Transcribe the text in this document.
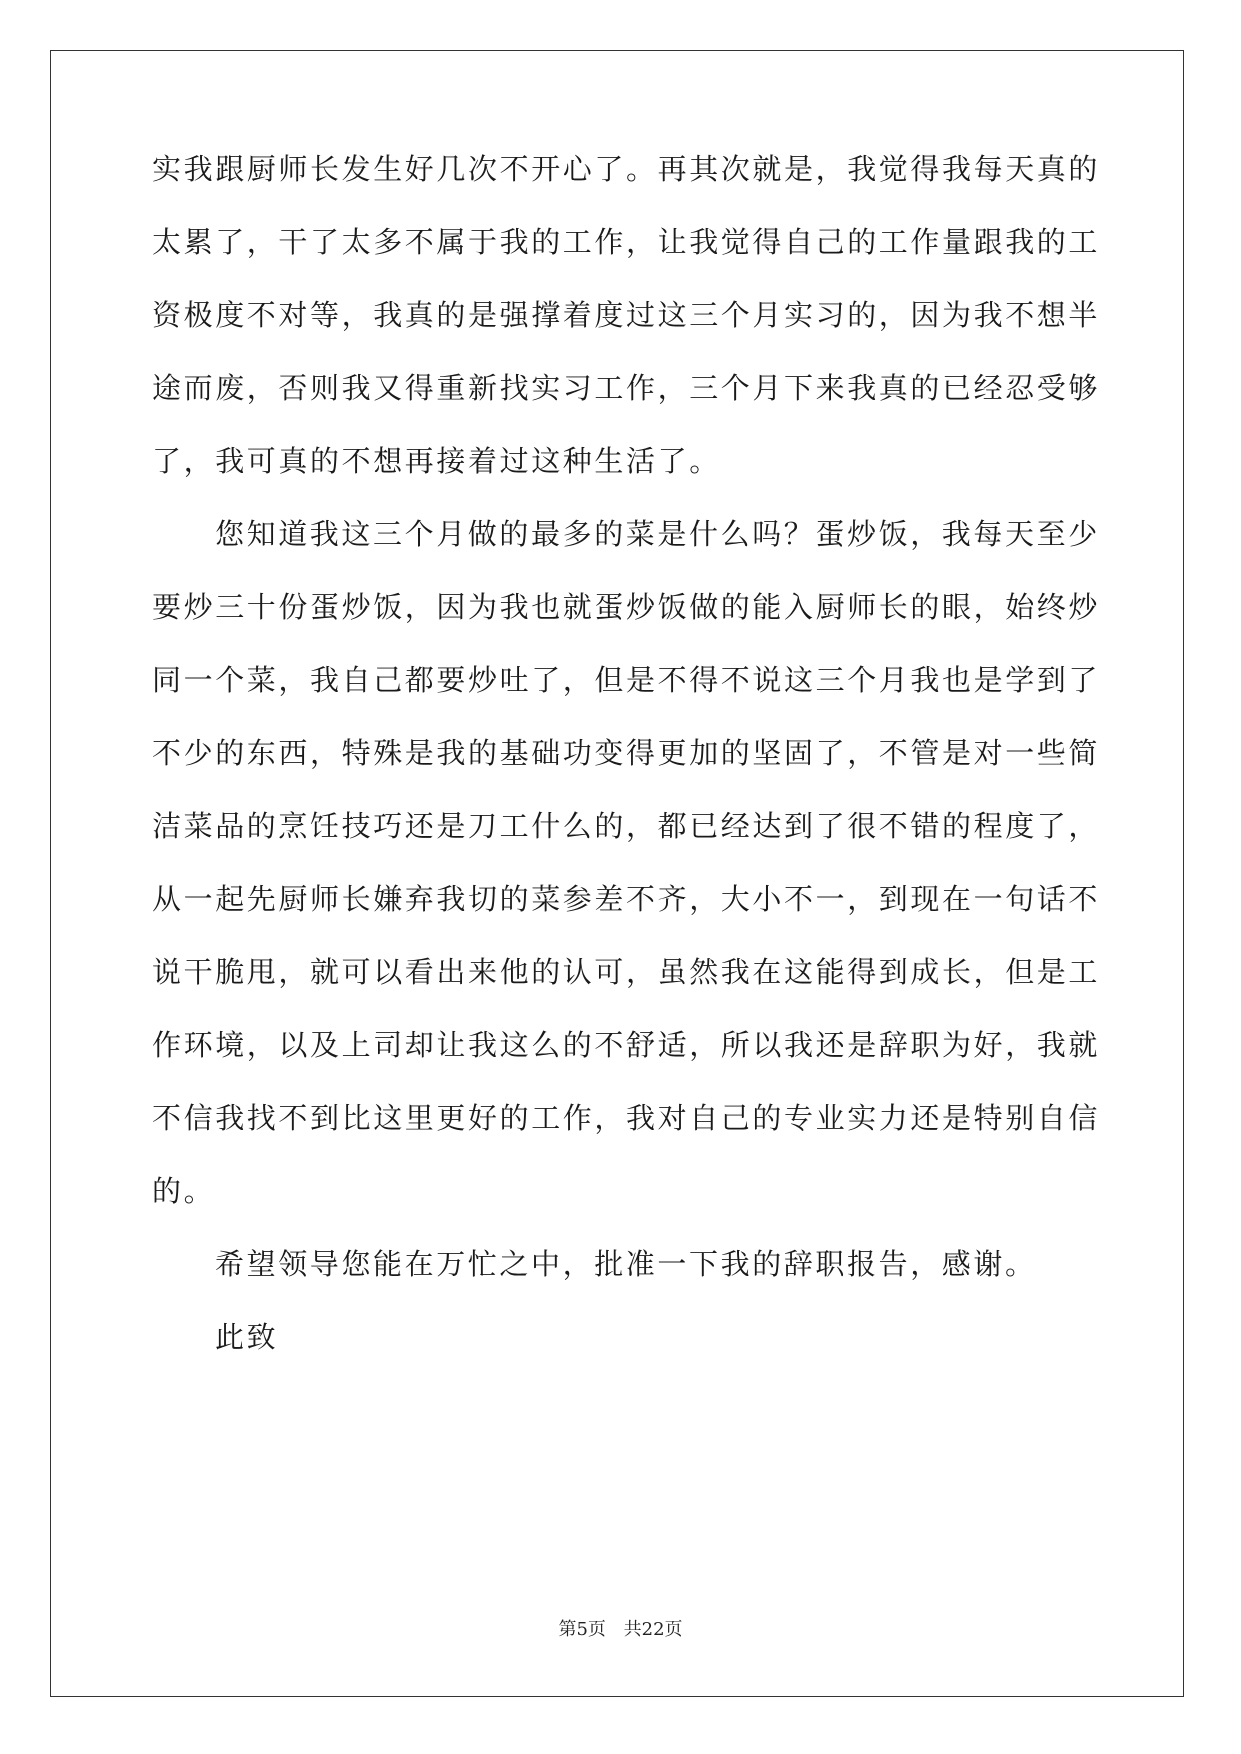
实我跟厨师长发生好几次不开心了。再其次就是，我觉得我每天真的
太累了，干了太多不属于我的工作，让我觉得自己的工作量跟我的工
资极度不对等，我真的是强撑着度过这三个月实习的，因为我不想半
途而废，否则我又得重新找实习工作，三个月下来我真的已经忍受够
了，我可真的不想再接着过这种生活了。
您知道我这三个月做的最多的菜是什么吗？蛋炒饭，我每天至少
要炒三十份蛋炒饭，因为我也就蛋炒饭做的能入厨师长的眼，始终炒
同一个菜，我自己都要炒吐了，但是不得不说这三个月我也是学到了
不少的东西，特殊是我的基础功变得更加的坚固了，不管是对一些简
洁菜品的烹饪技巧还是刀工什么的，都已经达到了很不错的程度了，
从一起先厨师长嫌弃我切的菜参差不齐，大小不一，到现在一句话不
说干脆甩，就可以看出来他的认可，虽然我在这能得到成长，但是工
作环境，以及上司却让我这么的不舒适，所以我还是辞职为好，我就
不信我找不到比这里更好的工作，我对自己的专业实力还是特别自信
的。
希望领导您能在万忙之中，批准一下我的辞职报告，感谢。
此致
第5页 共22页
